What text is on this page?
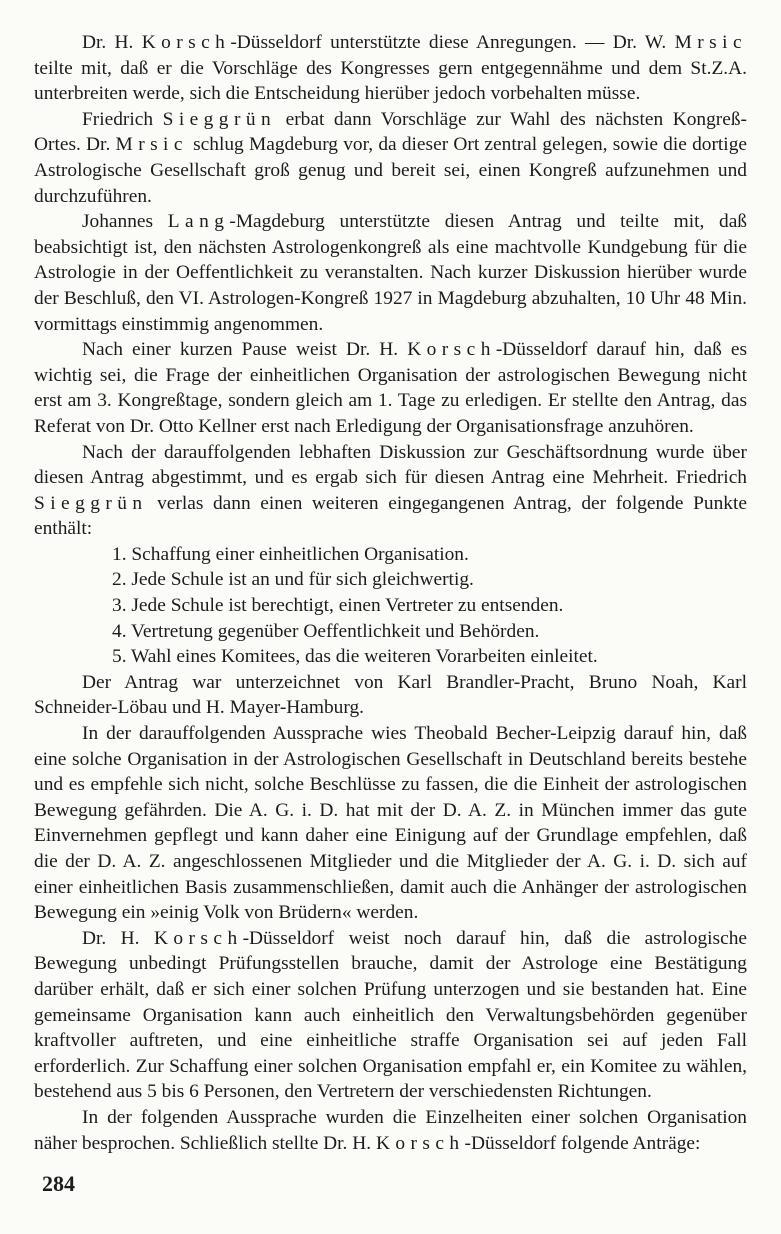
Dr. H. Korsch-Düsseldorf unterstützte diese Anregungen. — Dr. W. Mrsic teilte mit, daß er die Vorschläge des Kongresses gern entgegennähme und dem St.Z.A. unterbreiten werde, sich die Entscheidung hierüber jedoch vorbehalten müsse.

Friedrich Sieggrün erbat dann Vorschläge zur Wahl des nächsten Kongreß-Ortes. Dr. Mrsic schlug Magdeburg vor, da dieser Ort zentral gelegen, sowie die dortige Astrologische Gesellschaft groß genug und bereit sei, einen Kongreß aufzunehmen und durchzuführen.

Johannes Lang-Magdeburg unterstützte diesen Antrag und teilte mit, daß beabsichtigt ist, den nächsten Astrologenkongreß als eine machtvolle Kundgebung für die Astrologie in der Oeffentlichkeit zu veranstalten. Nach kurzer Diskussion hierüber wurde der Beschluß, den VI. Astrologen-Kongreß 1927 in Magdeburg abzuhalten, 10 Uhr 48 Min. vormittags einstimmig angenommen.

Nach einer kurzen Pause weist Dr. H. Korsch-Düsseldorf darauf hin, daß es wichtig sei, die Frage der einheitlichen Organisation der astrologischen Bewegung nicht erst am 3. Kongreßtage, sondern gleich am 1. Tage zu erledigen. Er stellte den Antrag, das Referat von Dr. Otto Kellner erst nach Erledigung der Organisationsfrage anzuhören.

Nach der darauffolgenden lebhaften Diskussion zur Geschäftsordnung wurde über diesen Antrag abgestimmt, und es ergab sich für diesen Antrag eine Mehrheit. Friedrich Sieggrün verlas dann einen weiteren eingegangenen Antrag, der folgende Punkte enthält:

1. Schaffung einer einheitlichen Organisation.
2. Jede Schule ist an und für sich gleichwertig.
3. Jede Schule ist berechtigt, einen Vertreter zu entsenden.
4. Vertretung gegenüber Oeffentlichkeit und Behörden.
5. Wahl eines Komitees, das die weiteren Vorarbeiten einleitet.

Der Antrag war unterzeichnet von Karl Brandler-Pracht, Bruno Noah, Karl Schneider-Löbau und H. Mayer-Hamburg.

In der darauffolgenden Aussprache wies Theobald Becher-Leipzig darauf hin, daß eine solche Organisation in der Astrologischen Gesellschaft in Deutschland bereits bestehe und es empfehle sich nicht, solche Beschlüsse zu fassen, die die Einheit der astrologischen Bewegung gefährden. Die A. G. i. D. hat mit der D. A. Z. in München immer das gute Einvernehmen gepflegt und kann daher eine Einigung auf der Grundlage empfehlen, daß die der D. A. Z. angeschlossenen Mitglieder und die Mitglieder der A. G. i. D. sich auf einer einheitlichen Basis zusammenschließen, damit auch die Anhänger der astrologischen Bewegung ein »einig Volk von Brüdern« werden.

Dr. H. Korsch-Düsseldorf weist noch darauf hin, daß die astrologische Bewegung unbedingt Prüfungsstellen brauche, damit der Astrologe eine Bestätigung darüber erhält, daß er sich einer solchen Prüfung unterzogen und sie bestanden hat. Eine gemeinsame Organisation kann auch einheitlich den Verwaltungsbehörden gegenüber kraftvoller auftreten, und eine einheitliche straffe Organisation sei auf jeden Fall erforderlich. Zur Schaffung einer solchen Organisation empfahl er, ein Komitee zu wählen, bestehend aus 5 bis 6 Personen, den Vertretern der verschiedensten Richtungen.

In der folgenden Aussprache wurden die Einzelheiten einer solchen Organisation näher besprochen. Schließlich stellte Dr. H. Korsch-Düsseldorf folgende Anträge:

284
